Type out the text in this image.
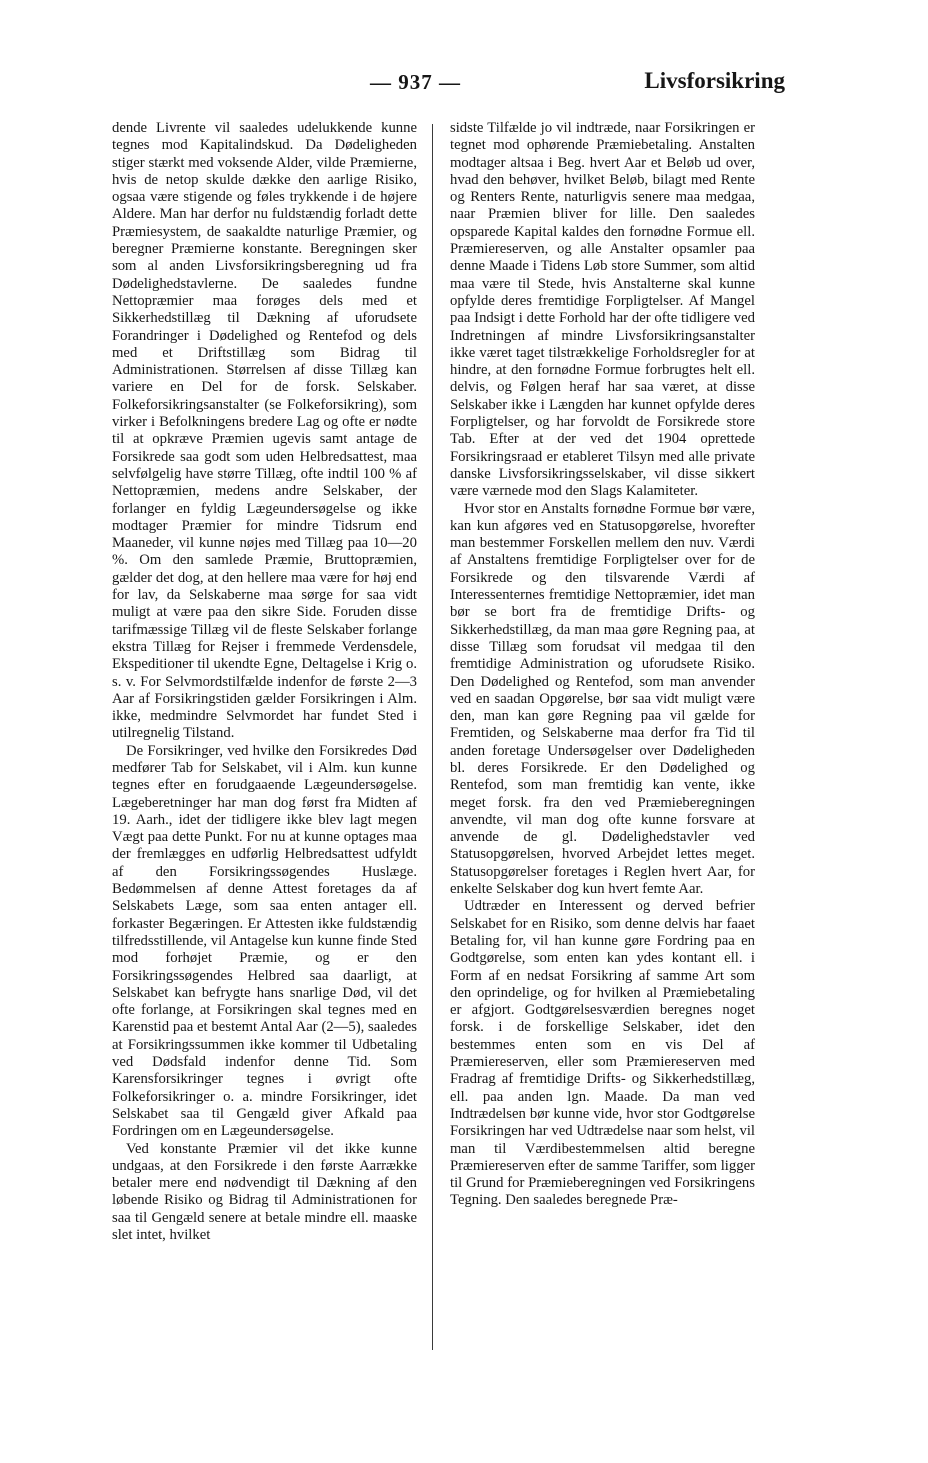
— 937 —	Livsforsikring

dende Livrente vil saaledes udelukkende kunne tegnes mod Kapitalindskud. Da Dødeligheden stiger stærkt med voksende Alder, vilde Præmierne, hvis de netop skulde dække den aarlige Risiko, ogsaa være stigende og føles trykkende i de højere Aldere. Man har derfor nu fuldstændig forladt dette Præmiesystem, de saakaldte naturlige Præmier, og beregner Præmierne konstante. Beregningen sker som al anden Livsforsikringsberegning ud fra Dødelighedstavlerne. De saaledes fundne Nettopræmier maa forøges dels med et Sikkerhedstillæg til Dækning af uforudsete Forandringer i Dødelighed og Rentefod og dels med et Driftstillæg som Bidrag til Administrationen. Størrelsen af disse Tillæg kan variere en Del for de forsk. Selskaber. Folkeforsikringsanstalter (se Folkeforsikring), som virker i Befolkningens bredere Lag og ofte er nødte til at opkræve Præmien ugevis samt antage de Forsikrede saa godt som uden Helbredsattest, maa selvfølgelig have større Tillæg, ofte indtil 100 % af Nettopræmien, medens andre Selskaber, der forlanger en fyldig Lægeundersøgelse og ikke modtager Præmier for mindre Tidsrum end Maaneder, vil kunne nøjes med Tillæg paa 10—20 %. Om den samlede Præmie, Bruttopræmien, gælder det dog, at den hellere maa være for høj end for lav, da Selskaberne maa sørge for saa vidt muligt at være paa den sikre Side. Foruden disse tarifmæssige Tillæg vil de fleste Selskaber forlange ekstra Tillæg for Rejser i fremmede Verdensdele, Ekspeditioner til ukendte Egne, Deltagelse i Krig o. s. v. For Selvmordstilfælde indenfor de første 2—3 Aar af Forsikringstiden gælder Forsikringen i Alm. ikke, medmindre Selvmordet har fundet Sted i utilregnelig Tilstand.

De Forsikringer, ved hvilke den Forsikredes Død medfører Tab for Selskabet, vil i Alm. kun kunne tegnes efter en forudgaaende Lægeundersøgelse. Lægeberetninger har man dog først fra Midten af 19. Aarh., idet der tidligere ikke blev lagt megen Vægt paa dette Punkt. For nu at kunne optages maa der fremlægges en udførlig Helbredsattest udfyldt af den Forsikringssøgendes Huslæge. Bedømmelsen af denne Attest foretages da af Selskabets Læge, som saa enten antager ell. forkaster Begæringen. Er Attesten ikke fuldstændig tilfredsstillende, vil Antagelse kun kunne finde Sted mod forhøjet Præmie, og er den Forsikringssøgendes Helbred saa daarligt, at Selskabet kan befrygte hans snarlige Død, vil det ofte forlange, at Forsikringen skal tegnes med en Karenstid paa et bestemt Antal Aar (2—5), saaledes at Forsikringssummen ikke kommer til Udbetaling ved Dødsfald indenfor denne Tid. Som Karensforsikringer tegnes i øvrigt ofte Folkeforsikringer o. a. mindre Forsikringer, idet Selskabet saa til Gengæld giver Afkald paa Fordringen om en Lægeundersøgelse.

Ved konstante Præmier vil det ikke kunne undgaas, at den Forsikrede i den første Aarrække betaler mere end nødvendigt til Dækning af den løbende Risiko og Bidrag til Administrationen for saa til Gengæld senere at betale mindre ell. maaske slet intet, hvilket

sidste Tilfælde jo vil indtræde, naar Forsikringen er tegnet mod ophørende Præmiebetaling. Anstalten modtager altsaa i Beg. hvert Aar et Beløb ud over, hvad den behøver, hvilket Beløb, bilagt med Rente og Renters Rente, naturligvis senere maa medgaa, naar Præmien bliver for lille. Den saaledes opsparede Kapital kaldes den fornødne Formue ell. Præmiereserven, og alle Anstalter opsamler paa denne Maade i Tidens Løb store Summer, som altid maa være til Stede, hvis Anstalterne skal kunne opfylde deres fremtidige Forpligtelser. Af Mangel paa Indsigt i dette Forhold har der ofte tidligere ved Indretningen af mindre Livsforsikringsanstalter ikke været taget tilstrækkelige Forholdsregler for at hindre, at den fornødne Formue forbrugtes helt ell. delvis, og Følgen heraf har saa været, at disse Selskaber ikke i Længden har kunnet opfylde deres Forpligtelser, og har forvoldt de Forsikrede store Tab. Efter at der ved det 1904 oprettede Forsikringsraad er etableret Tilsyn med alle private danske Livsforsikringsselskaber, vil disse sikkert være værnede mod den Slags Kalamiteter.

Hvor stor en Anstalts fornødne Formue bør være, kan kun afgøres ved en Statusopgørelse, hvorefter man bestemmer Forskellen mellem den nuv. Værdi af Anstaltens fremtidige Forpligtelser over for de Forsikrede og den tilsvarende Værdi af Interessenternes fremtidige Nettopræmier, idet man bør se bort fra de fremtidige Drifts- og Sikkerhedstillæg, da man maa gøre Regning paa, at disse Tillæg som forudsat vil medgaa til den fremtidige Administration og uforudsete Risiko. Den Dødelighed og Rentefod, som man anvender ved en saadan Opgørelse, bør saa vidt muligt være den, man kan gøre Regning paa vil gælde for Fremtiden, og Selskaberne maa derfor fra Tid til anden foretage Undersøgelser over Dødeligheden bl. deres Forsikrede. Er den Dødelighed og Rentefod, som man fremtidig kan vente, ikke meget forsk. fra den ved Præmieberegningen anvendte, vil man dog ofte kunne forsvare at anvende de gl. Dødelighedstavler ved Statusopgørelsen, hvorved Arbejdet lettes meget. Statusopgørelser foretages i Reglen hvert Aar, for enkelte Selskaber dog kun hvert femte Aar.

Udtræder en Interessent og derved befrier Selskabet for en Risiko, som denne delvis har faaet Betaling for, vil han kunne gøre Fordring paa en Godtgørelse, som enten kan ydes kontant ell. i Form af en nedsat Forsikring af samme Art som den oprindelige, og for hvilken al Præmiebetaling er afgjort. Godtgørelsesværdien beregnes noget forsk. i de forskellige Selskaber, idet den bestemmes enten som en vis Del af Præmiereserven, eller som Præmiereserven med Fradrag af fremtidige Drifts- og Sikkerhedstillæg, ell. paa anden lgn. Maade. Da man ved Indtrædelsen bør kunne vide, hvor stor Godtgørelse Forsikringen har ved Udtrædelse naar som helst, vil man til Værdibestemmelsen altid beregne Præmiereserven efter de samme Tariffer, som ligger til Grund for Præmieberegningen ved Forsikringens Tegning. Den saaledes beregnede Præ-
